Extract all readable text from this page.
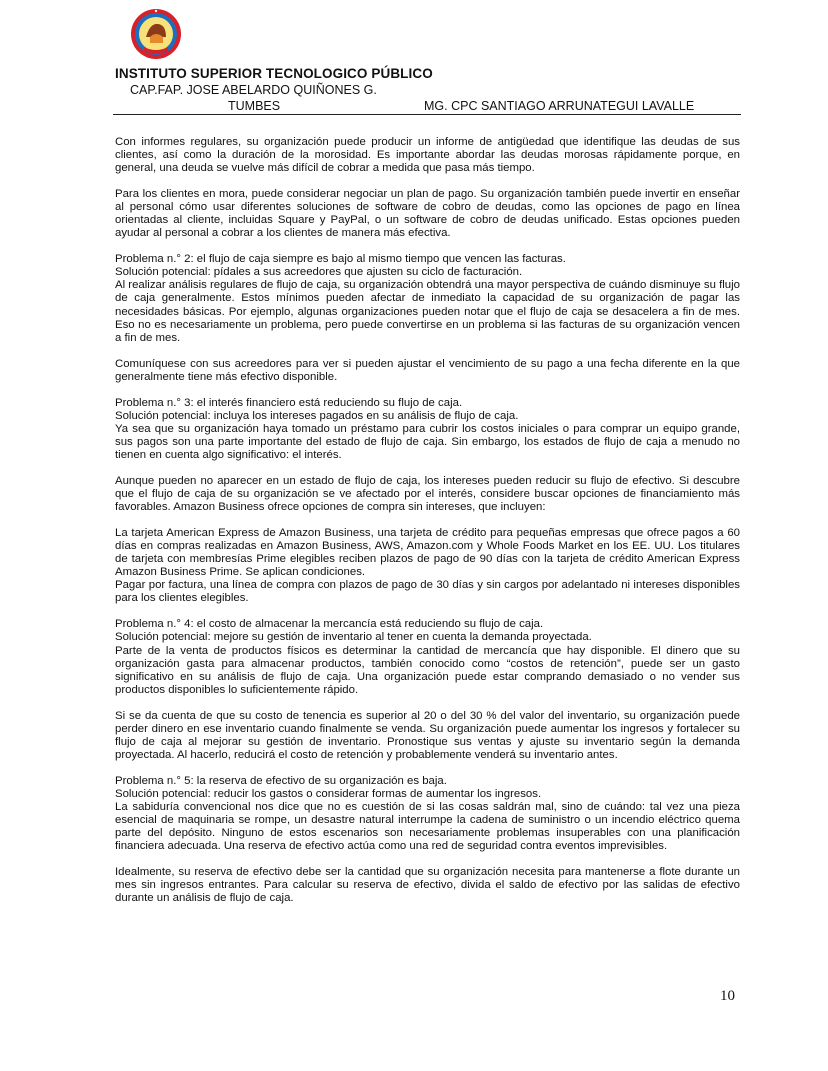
INSTITUTO SUPERIOR TECNOLOGICO PÚBLICO
CAP.FAP. JOSE ABELARDO QUIÑONES G.
TUMBES	MG. CPC SANTIAGO ARRUNATEGUI LAVALLE

Con informes regulares, su organización puede producir un informe de antigüedad que identifique las deudas de sus clientes, así como la duración de la morosidad. Es importante abordar las deudas morosas rápidamente porque, en general, una deuda se vuelve más difícil de cobrar a medida que pasa más tiempo.

Para los clientes en mora, puede considerar negociar un plan de pago. Su organización también puede invertir en enseñar al personal cómo usar diferentes soluciones de software de cobro de deudas, como las opciones de pago en línea orientadas al cliente, incluidas Square y PayPal, o un software de cobro de deudas unificado. Estas opciones pueden ayudar al personal a cobrar a los clientes de manera más efectiva.

Problema n.° 2: el flujo de caja siempre es bajo al mismo tiempo que vencen las facturas.
Solución potencial: pídales a sus acreedores que ajusten su ciclo de facturación.
Al realizar análisis regulares de flujo de caja, su organización obtendrá una mayor perspectiva de cuándo disminuye su flujo de caja generalmente. Estos mínimos pueden afectar de inmediato la capacidad de su organización de pagar las necesidades básicas. Por ejemplo, algunas organizaciones pueden notar que el flujo de caja se desacelera a fin de mes. Eso no es necesariamente un problema, pero puede convertirse en un problema si las facturas de su organización vencen a fin de mes.

Comuníquese con sus acreedores para ver si pueden ajustar el vencimiento de su pago a una fecha diferente en la que generalmente tiene más efectivo disponible.

Problema n.° 3: el interés financiero está reduciendo su flujo de caja.
Solución potencial: incluya los intereses pagados en su análisis de flujo de caja.
Ya sea que su organización haya tomado un préstamo para cubrir los costos iniciales o para comprar un equipo grande, sus pagos son una parte importante del estado de flujo de caja. Sin embargo, los estados de flujo de caja a menudo no tienen en cuenta algo significativo: el interés.

Aunque pueden no aparecer en un estado de flujo de caja, los intereses pueden reducir su flujo de efectivo. Si descubre que el flujo de caja de su organización se ve afectado por el interés, considere buscar opciones de financiamiento más favorables. Amazon Business ofrece opciones de compra sin intereses, que incluyen:

La tarjeta American Express de Amazon Business, una tarjeta de crédito para pequeñas empresas que ofrece pagos a 60 días en compras realizadas en Amazon Business, AWS, Amazon.com y Whole Foods Market en los EE. UU. Los titulares de tarjeta con membresías Prime elegibles reciben plazos de pago de 90 días con la tarjeta de crédito American Express Amazon Business Prime. Se aplican condiciones.
Pagar por factura, una línea de compra con plazos de pago de 30 días y sin cargos por adelantado ni intereses disponibles para los clientes elegibles.

Problema n.° 4: el costo de almacenar la mercancía está reduciendo su flujo de caja.
Solución potencial: mejore su gestión de inventario al tener en cuenta la demanda proyectada.
Parte de la venta de productos físicos es determinar la cantidad de mercancía que hay disponible. El dinero que su organización gasta para almacenar productos, también conocido como “costos de retención”, puede ser un gasto significativo en su análisis de flujo de caja. Una organización puede estar comprando demasiado o no vender sus productos disponibles lo suficientemente rápido.

Si se da cuenta de que su costo de tenencia es superior al 20 o del 30 % del valor del inventario, su organización puede perder dinero en ese inventario cuando finalmente se venda. Su organización puede aumentar los ingresos y fortalecer su flujo de caja al mejorar su gestión de inventario. Pronostique sus ventas y ajuste su inventario según la demanda proyectada. Al hacerlo, reducirá el costo de retención y probablemente venderá su inventario antes.

Problema n.° 5: la reserva de efectivo de su organización es baja.
Solución potencial: reducir los gastos o considerar formas de aumentar los ingresos.
La sabiduría convencional nos dice que no es cuestión de si las cosas saldrán mal, sino de cuándo: tal vez una pieza esencial de maquinaria se rompe, un desastre natural interrumpe la cadena de suministro o un incendio eléctrico quema parte del depósito. Ninguno de estos escenarios son necesariamente problemas insuperables con una planificación financiera adecuada. Una reserva de efectivo actúa como una red de seguridad contra eventos imprevisibles.

Idealmente, su reserva de efectivo debe ser la cantidad que su organización necesita para mantenerse a flote durante un mes sin ingresos entrantes. Para calcular su reserva de efectivo, divida el saldo de efectivo por las salidas de efectivo durante un análisis de flujo de caja.

10
